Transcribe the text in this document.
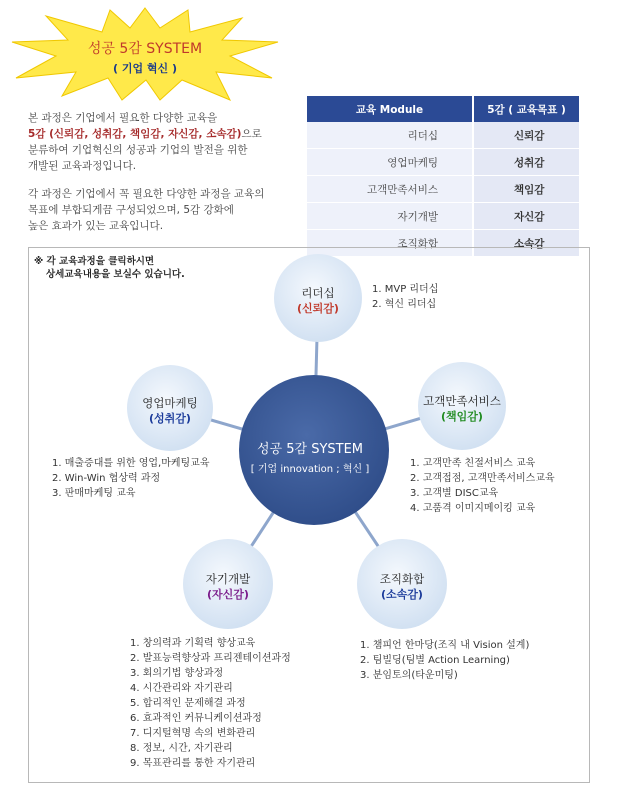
성공 5감 SYSTEM
( 기업 혁신 )
본 과정은 기업에서 필요한 다양한 교육을
5감 (신뢰감, 성취감, 책임감, 자신감, 소속감)으로
분류하여 기업혁신의 성공과 기업의 발전을 위한
개발된 교육과정입니다.
각 과정은 기업에서 꼭 필요한 다양한 과정을 교육의
목표에 부합되게끔 구성되었으며, 5감 강화에
높은 효과가 있는 교육입니다.
교육 Module	5감 ( 교육목표 )
리더십	신뢰감
영업마케팅	성취감
고객만족서비스	책임감
자기개발	자신감
조직화합	소속감
※ 각 교육과정을 클릭하시면
상세교육내용을 보실수 있습니다.
성공 5감 SYSTEM
[ 기업 innovation ; 혁신 ]
리더십
(신뢰감)
영업마케팅
(성취감)
고객만족서비스
(책임감)
자기개발
(자신감)
조직화합
(소속감)
1. MVP 리더십
2. 혁신 리더십
1. 매출증대를 위한 영업,마케팅교육
2. Win-Win 협상력 과정
3. 판매마케팅 교육
1. 고객만족 친절서비스 교육
2. 고객접점, 고객만족서비스교육
3. 고객별 DISC교육
4. 고품격 이미지메이킹 교육
1. 창의력과 기획력 향상교육
2. 발표능력향상과 프리젠테이션과정
3. 회의기법 향상과정
4. 시간관리와 자기관리
5. 합리적인 문제해결 과정
6. 효과적인 커뮤니케이션과정
7. 디지털혁명 속의 변화관리
8. 정보, 시간, 자기관리
9. 목표관리를 통한 자기관리
1. 챔피언 한마당(조직 내 Vision 설계)
2. 팀빌딩(팀별 Action Learning)
3. 분임토의(타운미팅)
